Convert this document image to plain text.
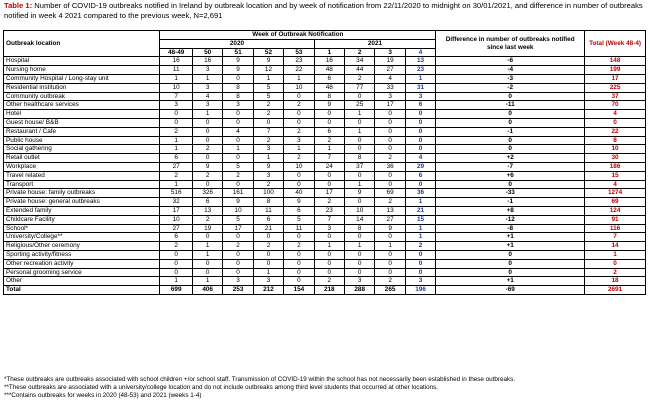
Table 1: Number of COVID-19 outbreaks notified in Ireland by outbreak location and by week of notification from 22/11/2020 to midnight on 30/01/2021, and difference in number of outbreaks notified in week 4 2021 compared to the previous week, N=2,691
Outbreak location	Week of Outbreak Notification									Difference in number of outbreaks notified since last week	Total (Week 48-4)
	2020					2021					
	48-49	50	51	52	53	1	2	3	4		
Hospital	16	16	9	9	23	16	34	19	13	-6	148
Nursing home	11	3	9	12	22	48	44	27	23	-4	199
Community Hospital / Long-stay unit	1	1	0	1	1	6	2	4	1	-3	17
Residential institution	10	3	8	5	10	48	77	33	31	-2	225
Community outbreak	7	4	8	5	0	8	0	3	3	0	37
Other healthcare services	3	3	3	2	2	9	25	17	6	-11	70
Hotel	0	1	0	2	0	0	1	0	0	0	4
Guest house/ B&B	0	0	0	0	0	0	0	0	0	0	0
Restaurant / Cafe	2	0	4	7	2	6	1	0	0	-1	22
Public house	1	0	0	2	3	2	0	0	0	0	8
Social gathering	1	2	1	3	1	1	0	0	0	0	10
Retail outlet	6	0	0	1	2	7	8	2	4	+2	30
Workplace	27	9	5	9	10	24	37	36	29	-7	186
Travel related	2	2	2	3	0	0	0	0	6	+6	15
Transport	1	0	0	2	0	0	1	0	0	0	4
Private house: family outbreaks	516	326	161	100	40	17	9	69	36	-33	1274
Private house: general outbreaks	32	6	9	8	9	2	0	2	1	-1	69
Extended family	17	13	10	11	6	23	10	13	21	+8	124
Childcare Facility	10	2	5	6	5	7	14	27	15	-12	91
School*	27	19	17	21	11	3	8	9	1	-8	116
University/College**	6	0	0	0	0	0	0	0	1	+1	7
Religious/Other ceremony	2	1	2	2	2	1	1	1	2	+1	14
Sporting activity/fitness	0	1	0	0	0	0	0	0	0	0	1
Other recreation activity	0	0	0	0	0	0	0	0	0	0	0
Personal grooming service	0	0	0	1	0	0	0	0	0	0	2
Other	1	1	3	3	0	2	3	2	3	+1	18
Total	699	406	253	212	154	218	288	265	196	-69	2691
*These outbreaks are outbreaks associated with school children +/or school staff. Transmission of COVID-19 within the school has not necessarily been established in these outbreaks.
**These outbreaks are associated with a university/college location and do not include outbreaks among third level students that occurred at other locations.
***Contains outbreaks for weeks in 2020 (48-53) and 2021 (weeks 1-4)
